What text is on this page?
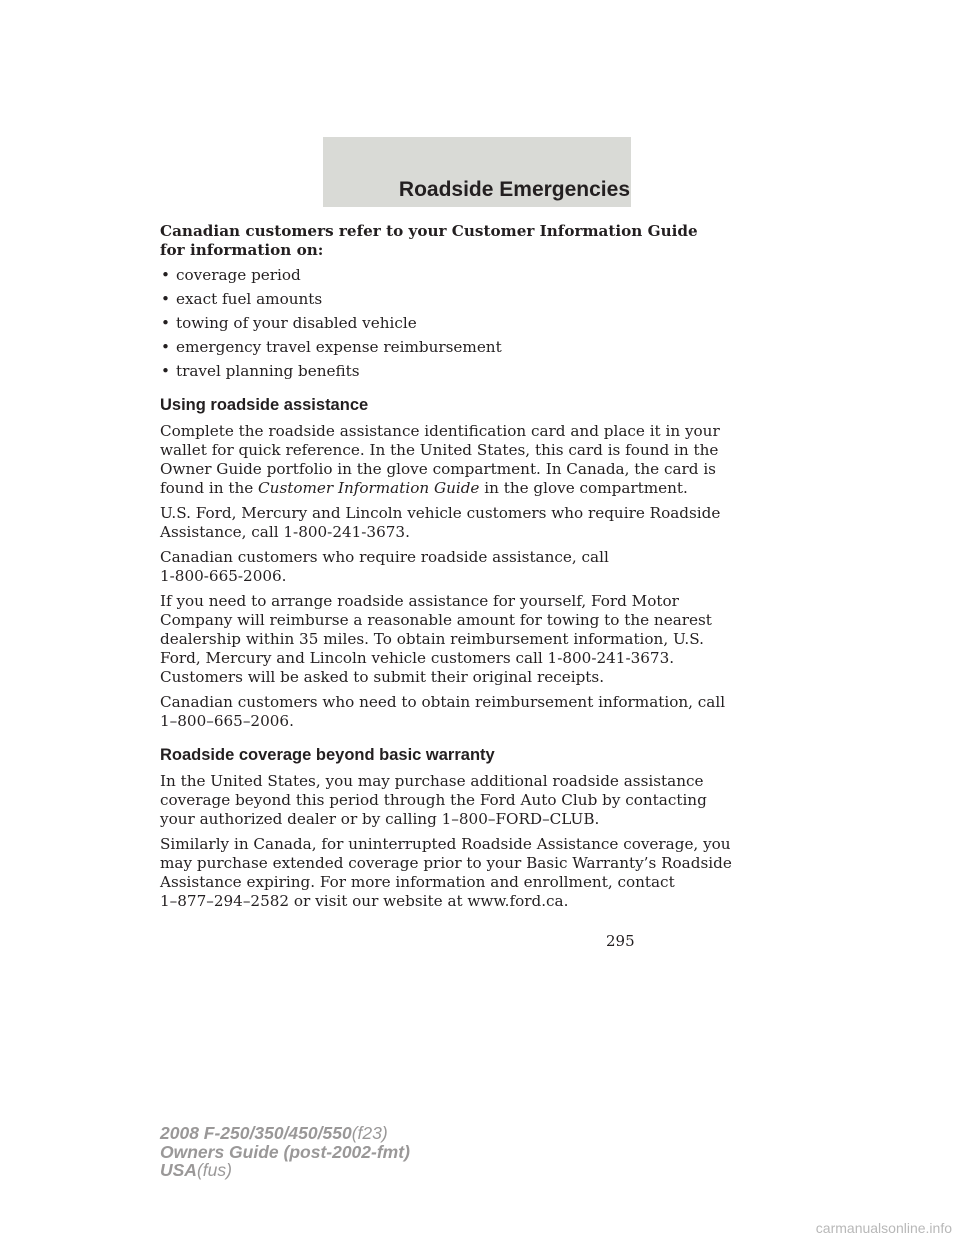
Roadside Emergencies

Canadian customers refer to your Customer Information Guide
for information on:

• coverage period
• exact fuel amounts
• towing of your disabled vehicle
• emergency travel expense reimbursement
• travel planning benefits
Using roadside assistance

Complete the roadside assistance identification card and place it in your
wallet for quick reference. In the United States, this card is found in the
Owner Guide portfolio in the glove compartment. In Canada, the card is
found in the Customer Information Guide in the glove compartment.

U.S. Ford, Mercury and Lincoln vehicle customers who require Roadside
Assistance, call 1-800-241-3673.

Canadian customers who require roadside assistance, call
1-800-665-2006.

If you need to arrange roadside assistance for yourself, Ford Motor
Company will reimburse a reasonable amount for towing to the nearest
dealership within 35 miles. To obtain reimbursement information, U.S.
Ford, Mercury and Lincoln vehicle customers call 1-800-241-3673.
Customers will be asked to submit their original receipts.

Canadian customers who need to obtain reimbursement information, call
1–800–665–2006.

Roadside coverage beyond basic warranty

In the United States, you may purchase additional roadside assistance
coverage beyond this period through the Ford Auto Club by contacting
your authorized dealer or by calling 1–800–FORD–CLUB.

Similarly in Canada, for uninterrupted Roadside Assistance coverage, you
may purchase extended coverage prior to your Basic Warranty’s Roadside
Assistance expiring. For more information and enrollment, contact
1–877–294–2582 or visit our website at www.ford.ca.

295
2008 F-250/350/450/550(f23)
Owners Guide (post-2002-fmt)
USA(fus)
carmanualsonline.info
